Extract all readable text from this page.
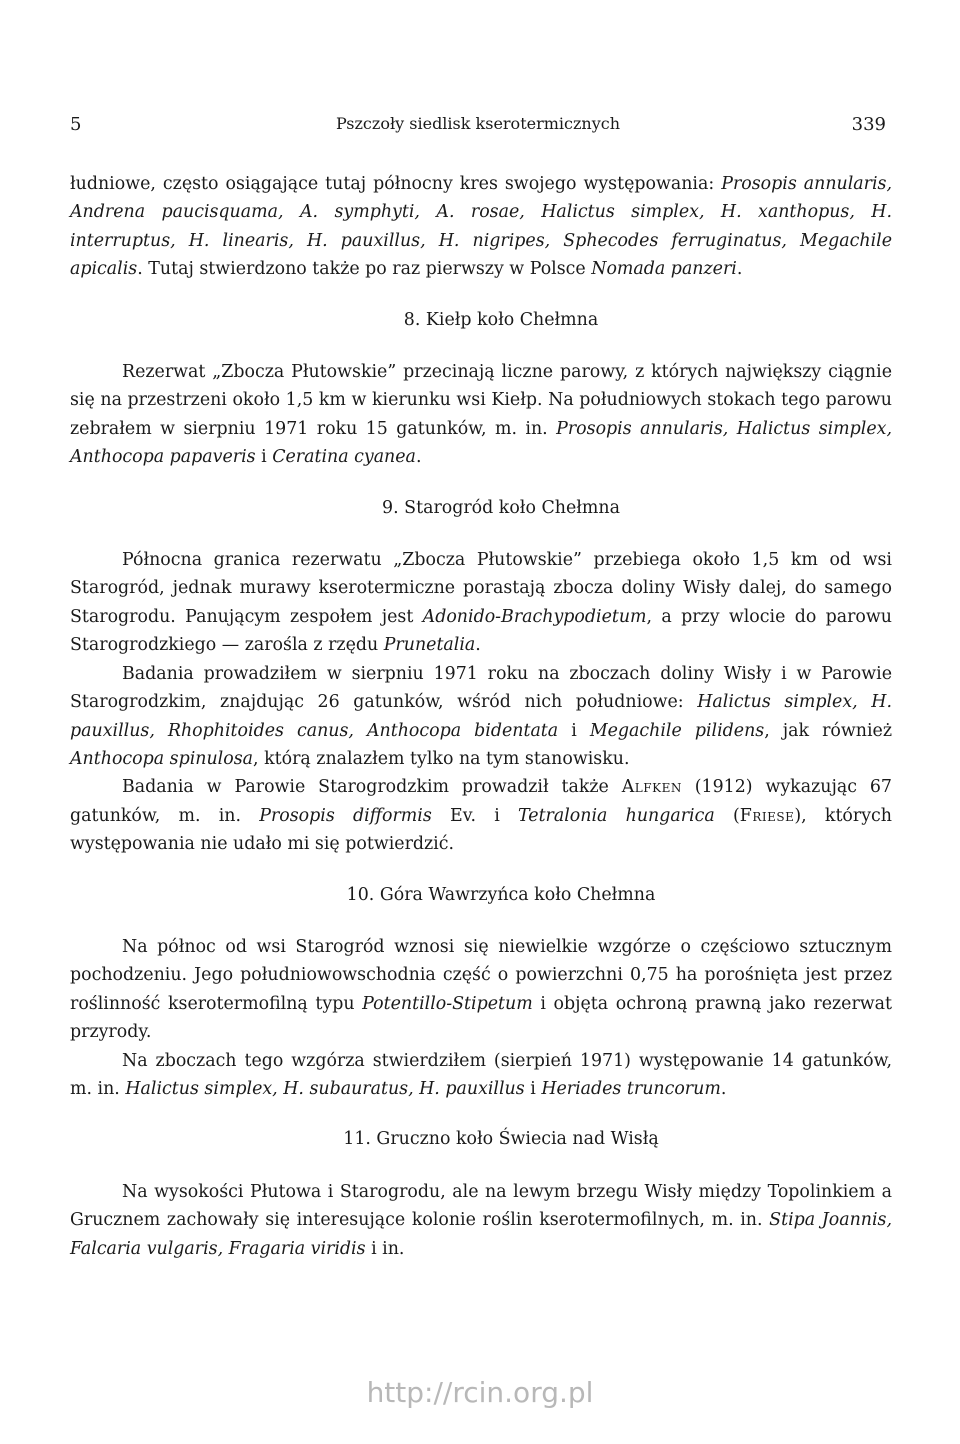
5	Pszczoły siedlisk kserotermicznych	339

łudniowe, często osiągające tutaj północny kres swojego występowania: Prosopis annularis, Andrena paucisquama, A. symphyti, A. rosae, Halictus simplex, H. xanthopus, H. interruptus, H. linearis, H. pauxillus, H. nigripes, Sphecodes ferruginatus, Megachile apicalis. Tutaj stwierdzono także po raz pierwszy w Polsce Nomada panzeri.

8. Kiełp koło Chełmna

Rezerwat „Zbocza Płutowskie” przecinają liczne parowy, z których największy ciągnie się na przestrzeni około 1,5 km w kierunku wsi Kiełp. Na południowych stokach tego parowu zebrałem w sierpniu 1971 roku 15 gatunków, m. in. Prosopis annularis, Halictus simplex, Anthocopa papaveris i Ceratina cyanea.

9. Starogród koło Chełmna

Północna granica rezerwatu „Zbocza Płutowskie” przebiega około 1,5 km od wsi Starogród, jednak murawy kserotermiczne porastają zbocza doliny Wisły dalej, do samego Starogrodu. Panującym zespołem jest Adonido-Brachypodietum, a przy wlocie do parowu Starogrodzkiego — zarośla z rzędu Prunetalia.

Badania prowadziłem w sierpniu 1971 roku na zboczach doliny Wisły i w Parowie Starogrodzkim, znajdując 26 gatunków, wśród nich południowe: Halictus simplex, H. pauxillus, Rhophitoides canus, Anthocopa bidentata i Megachile pilidens, jak również Anthocopa spinulosa, którą znalazłem tylko na tym stanowisku.

Badania w Parowie Starogrodzkim prowadził także Alfken (1912) wykazując 67 gatunków, m. in. Prosopis difformis Ev. i Tetralonia hungarica (Friese), których występowania nie udało mi się potwierdzić.

10. Góra Wawrzyńca koło Chełmna

Na północ od wsi Starogród wznosi się niewielkie wzgórze o częściowo sztucznym pochodzeniu. Jego południowowschodnia część o powierzchni 0,75 ha porośnięta jest przez roślinność kserotermofilną typu Potentillo-Stipetum i objęta ochroną prawną jako rezerwat przyrody.

Na zboczach tego wzgórza stwierdziłem (sierpień 1971) występowanie 14 gatunków, m. in. Halictus simplex, H. subauratus, H. pauxillus i Heriades truncorum.

11. Gruczno koło Świecia nad Wisłą

Na wysokości Płutowa i Starogrodu, ale na lewym brzegu Wisły między Topolinkiem a Grucznem zachowały się interesujące kolonie roślin kserotermofilnych, m. in. Stipa Joannis, Falcaria vulgaris, Fragaria viridis i in.

http://rcin.org.pl
